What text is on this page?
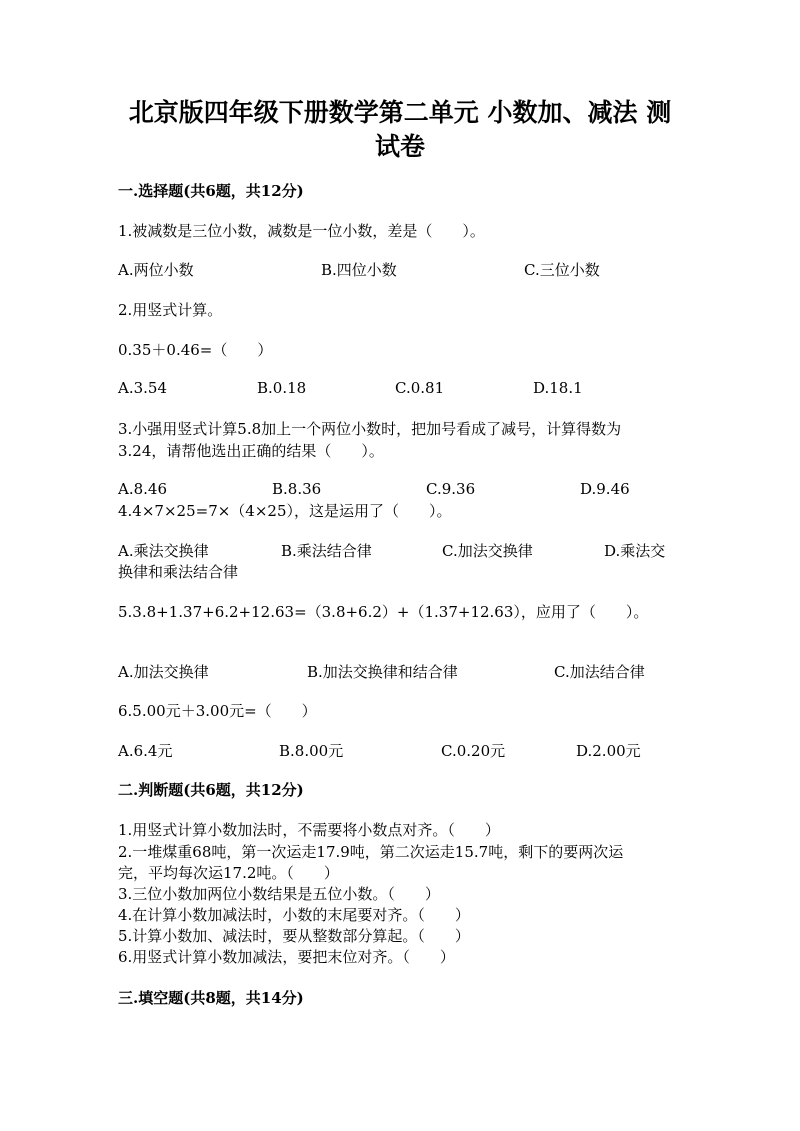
北京版四年级下册数学第二单元 小数加、减法 测
试卷
一.选择题(共6题，共12分)
1.被减数是三位小数，减数是一位小数，差是（　　）。
A.两位小数	B.四位小数	C.三位小数
2.用竖式计算。
0.35＋0.46=（　　）
A.3.54	B.0.18	C.0.81	D.18.1
3.小强用竖式计算5.8加上一个两位小数时，把加号看成了减号，计算得数为
3.24，请帮他选出正确的结果（　　）。
A.8.46	B.8.36	C.9.36	D.9.46
4.4×7×25=7×（4×25），这是运用了（　　）。
A.乘法交换律	B.乘法结合律	C.加法交换律	D.乘法交
换律和乘法结合律
5.3.8+1.37+6.2+12.63=（3.8+6.2）+（1.37+12.63），应用了（　　）。
A.加法交换律	B.加法交换律和结合律	C.加法结合律
6.5.00元＋3.00元=（　　）
A.6.4元	B.8.00元	C.0.20元	D.2.00元
二.判断题(共6题，共12分)
1.用竖式计算小数加法时，不需要将小数点对齐。（　　）
2.一堆煤重68吨，第一次运走17.9吨，第二次运走15.7吨，剩下的要两次运
完，平均每次运17.2吨。（　　）
3.三位小数加两位小数结果是五位小数。（　　）
4.在计算小数加减法时，小数的末尾要对齐。（　　）
5.计算小数加、减法时，要从整数部分算起。（　　）
6.用竖式计算小数加减法，要把末位对齐。（　　）
三.填空题(共8题，共14分)
